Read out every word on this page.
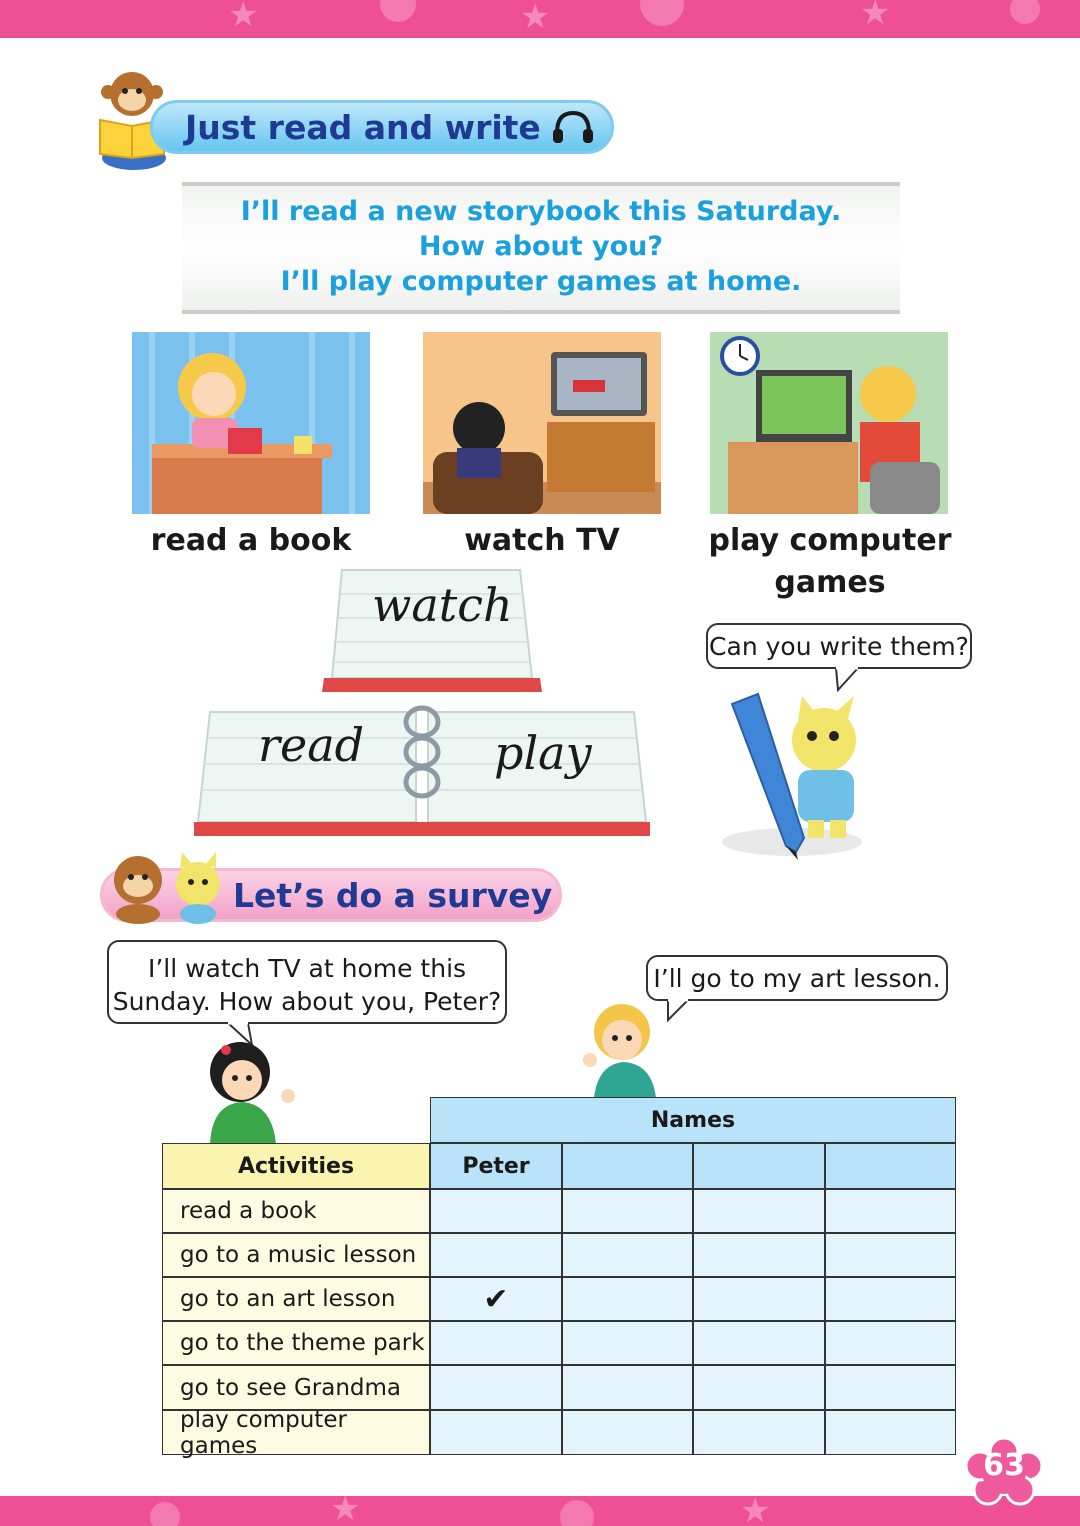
★	★	★
Just read and write
I’ll read a new storybook this Saturday.
How about you?
I’ll play computer games at home.
read a book	watch TV	play computer
games
watch
read	play
Can you write them?
Let’s do a survey
I’ll watch TV at home this
Sunday. How about you, Peter?
I’ll go to my art lesson.
Names
Activities	Peter
read a book
go to a music lesson
go to an art lesson	✔
go to the theme park
go to see Grandma
play computer games
★	★
63
